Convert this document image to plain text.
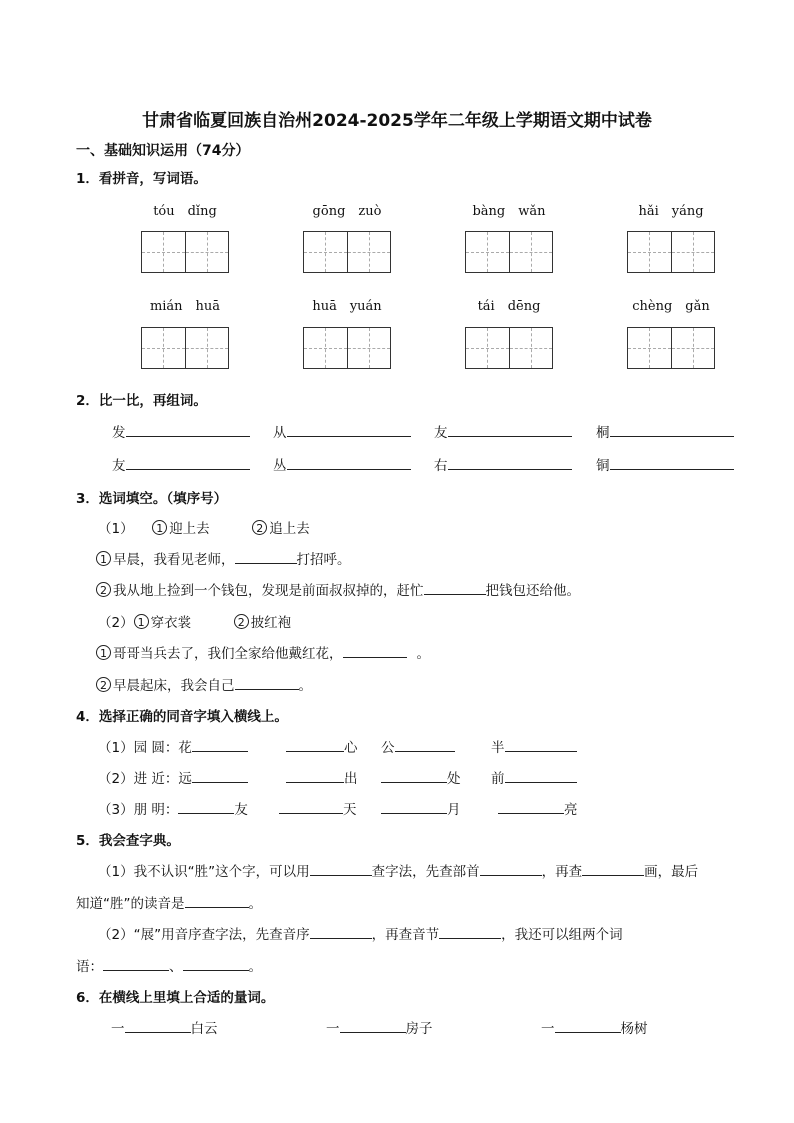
甘肃省临夏回族自治州2024-2025学年二年级上学期语文期中试卷
一、基础知识运用（74分）
1．看拼音，写词语。
tóu　dǐng	gōng　zuò	bàng　wǎn	hǎi　yáng
mián　huā	huā　yuán	tái　dēng	chèng　gǎn
2．比一比，再组词。
发	从	友	桐
友	丛	右	铜
3．选词填空。（填序号）
（1） 1 迎上去	2 追上去
1 早晨，我看见老师，	打招呼。
2 我从地上捡到一个钱包，发现是前面叔叔掉的，赶忙	把钱包还给他。
（2） 1 穿衣裳	2 披红袍
1 哥哥当兵去了，我们全家给他戴红花，	。
2 早晨起床，我会自己	。
4．选择正确的同音字填入横线上。
（1）园 圆：花	心 公	半
（2）进 近：远	出	处 前
（3）朋 明：	友	天	月	亮
5．我会查字典。
（1）我不认识“胜”这个字，可以用	查字法，先查部首	，再查	画，最后
知道“胜”的读音是	。
（2）“展”用音序查字法，先查音序	，再查音节	，我还可以组两个词
语：	、	。
6．在横线上里填上合适的量词。
一	白云	一	房子	一	杨树
